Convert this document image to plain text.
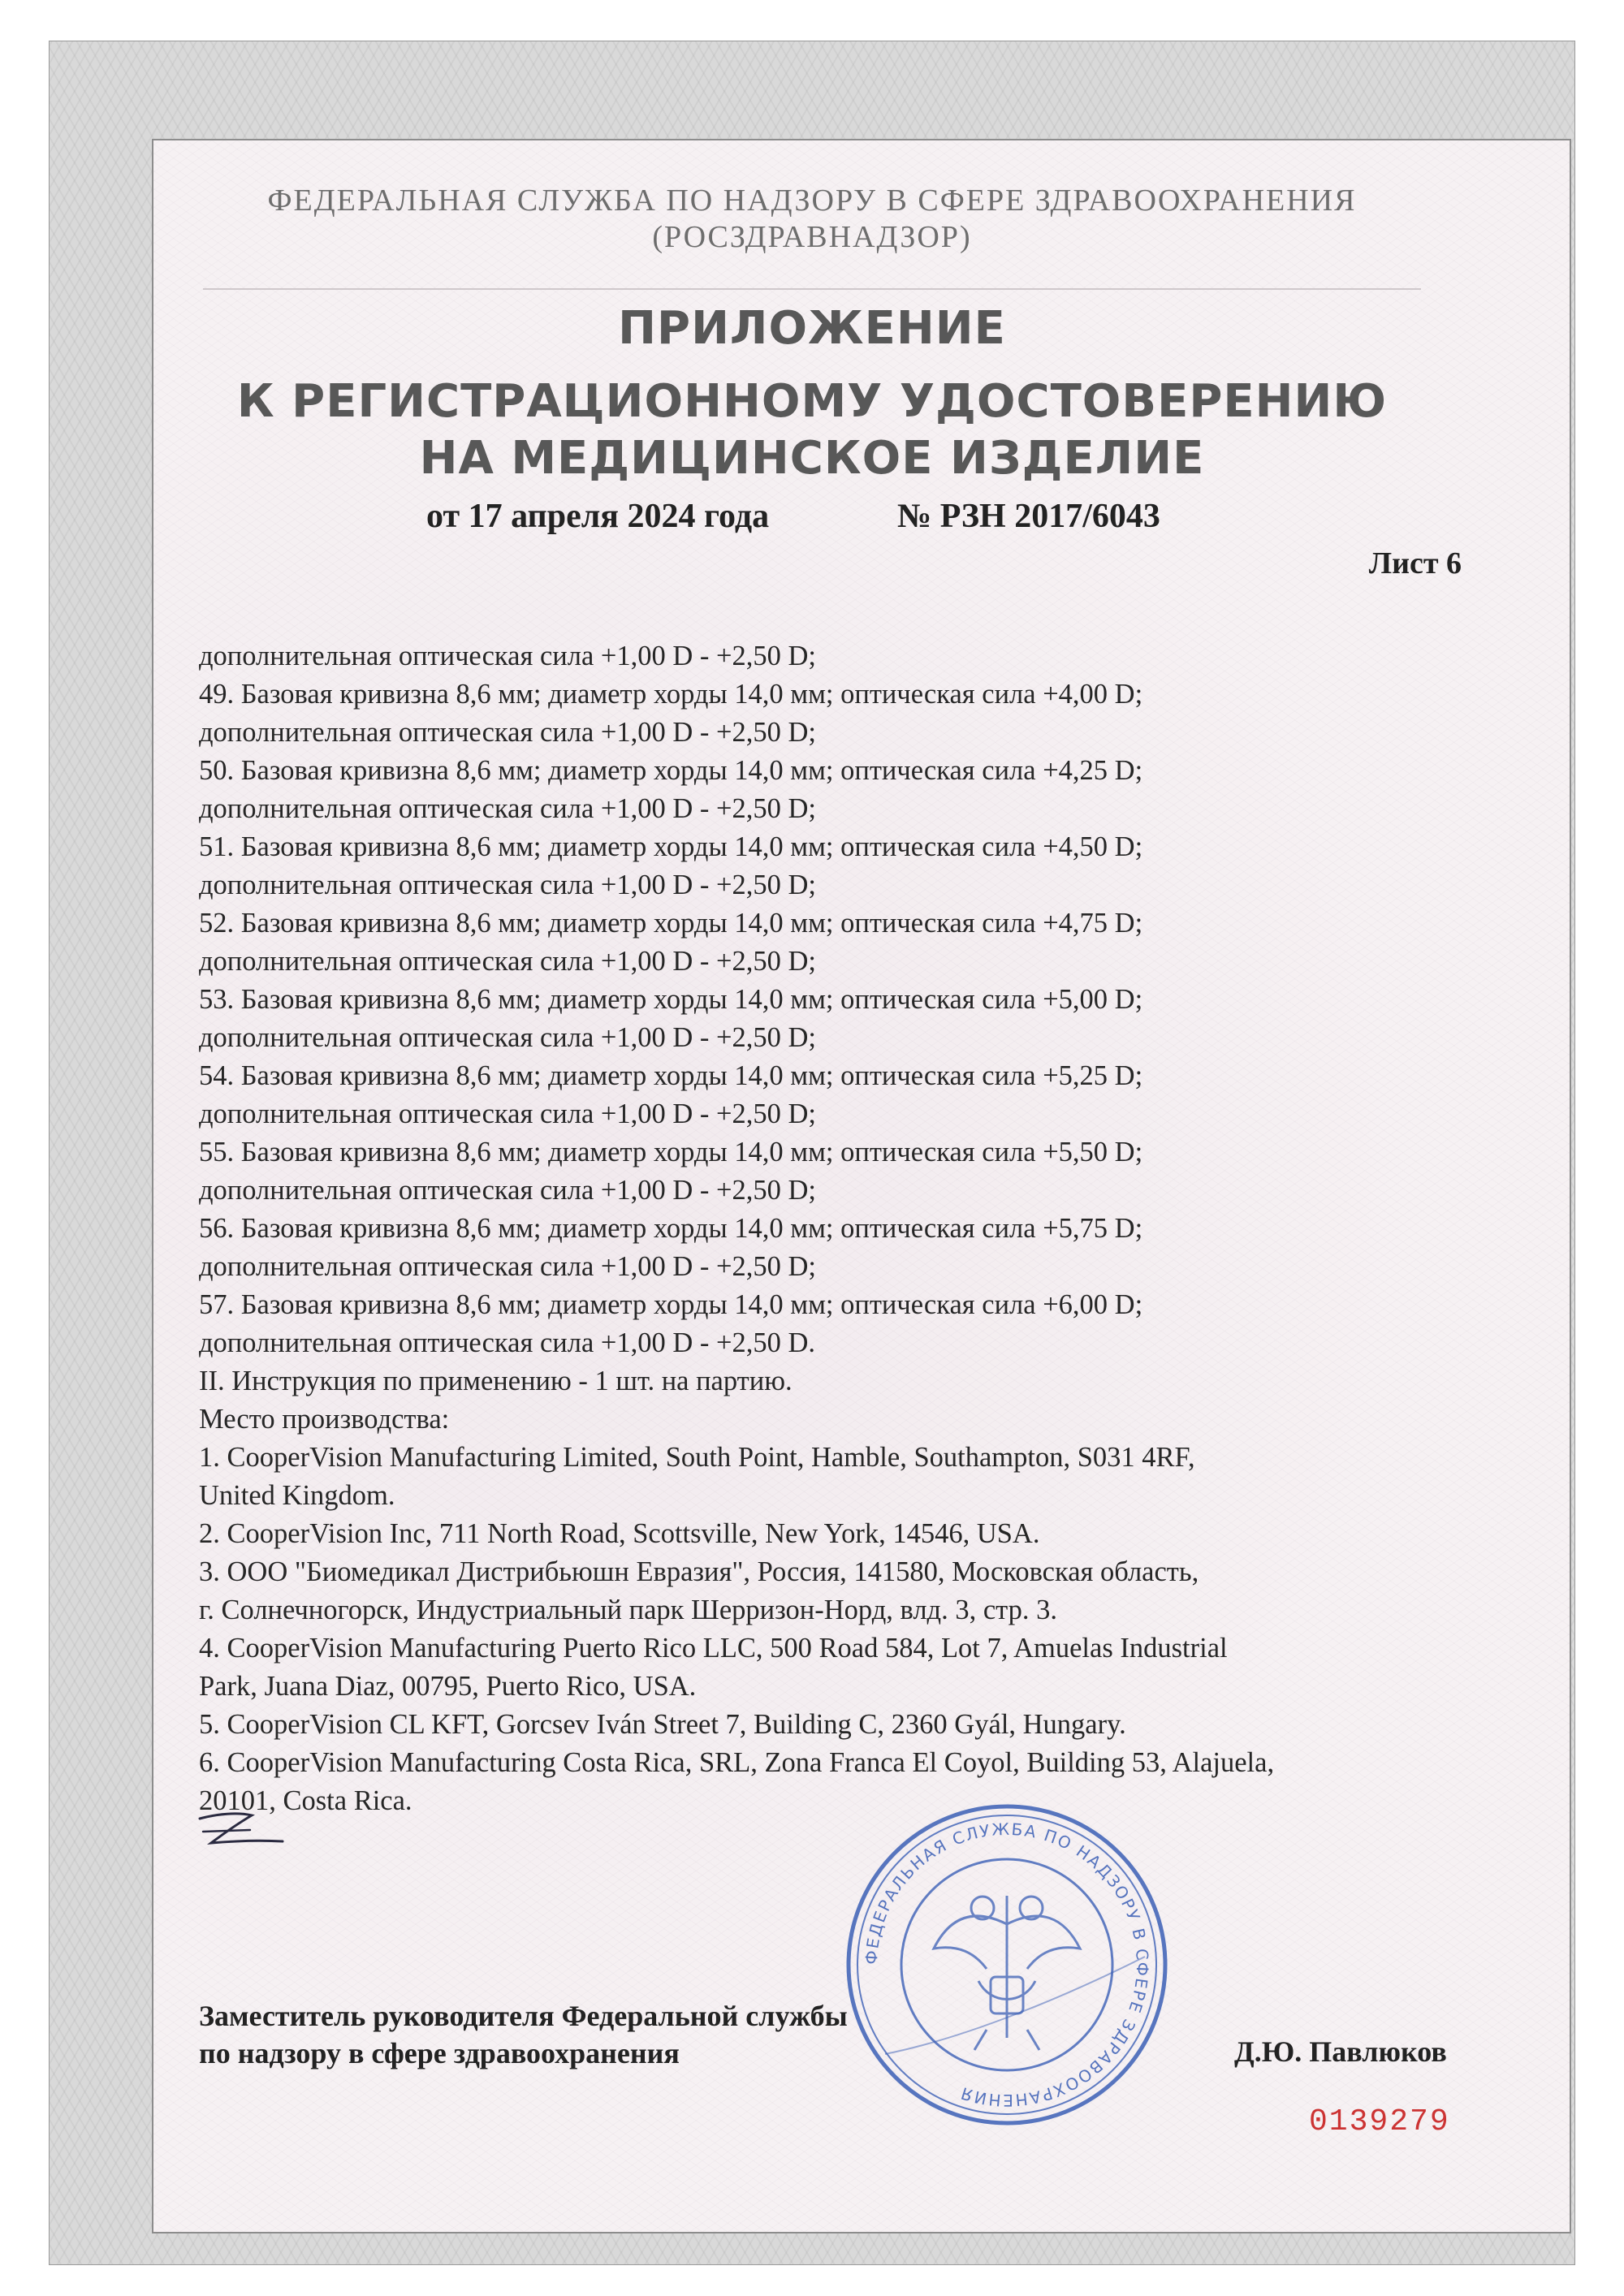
ФЕДЕРАЛЬНАЯ СЛУЖБА ПО НАДЗОРУ В СФЕРЕ ЗДРАВООХРАНЕНИЯ
(РОСЗДРАВНАДЗОР)
ПРИЛОЖЕНИЕ
К РЕГИСТРАЦИОННОМУ УДОСТОВЕРЕНИЮ
НА МЕДИЦИНСКОЕ ИЗДЕЛИЕ
от 17 апреля 2024 года	№ РЗН 2017/6043
Лист 6
дополнительная оптическая сила +1,00 D - +2,50 D;
49. Базовая кривизна 8,6 мм; диаметр хорды 14,0 мм; оптическая сила +4,00 D;
дополнительная оптическая сила +1,00 D - +2,50 D;
50. Базовая кривизна 8,6 мм; диаметр хорды 14,0 мм; оптическая сила +4,25 D;
дополнительная оптическая сила +1,00 D - +2,50 D;
51. Базовая кривизна 8,6 мм; диаметр хорды 14,0 мм; оптическая сила +4,50 D;
дополнительная оптическая сила +1,00 D - +2,50 D;
52. Базовая кривизна 8,6 мм; диаметр хорды 14,0 мм; оптическая сила +4,75 D;
дополнительная оптическая сила +1,00 D - +2,50 D;
53. Базовая кривизна 8,6 мм; диаметр хорды 14,0 мм; оптическая сила +5,00 D;
дополнительная оптическая сила +1,00 D - +2,50 D;
54. Базовая кривизна 8,6 мм; диаметр хорды 14,0 мм; оптическая сила +5,25 D;
дополнительная оптическая сила +1,00 D - +2,50 D;
55. Базовая кривизна 8,6 мм; диаметр хорды 14,0 мм; оптическая сила +5,50 D;
дополнительная оптическая сила +1,00 D - +2,50 D;
56. Базовая кривизна 8,6 мм; диаметр хорды 14,0 мм; оптическая сила +5,75 D;
дополнительная оптическая сила +1,00 D - +2,50 D;
57. Базовая кривизна 8,6 мм; диаметр хорды 14,0 мм; оптическая сила +6,00 D;
дополнительная оптическая сила +1,00 D - +2,50 D.
II. Инструкция по применению - 1 шт. на партию.
Место производства:
1. CooperVision Manufacturing Limited, South Point, Hamble, Southampton, S031 4RF,
United Kingdom.
2. CooperVision Inc, 711 North Road, Scottsville, New York, 14546, USA.
3. ООО "Биомедикал Дистрибьюшн Евразия", Россия, 141580, Московская область,
г. Солнечногорск, Индустриальный парк Шерризон-Норд, влд. 3, стр. 3.
4. CooperVision Manufacturing Puerto Rico LLC, 500 Road 584, Lot 7, Amuelas Industrial
Park, Juana Diaz, 00795, Puerto Rico, USA.
5. CooperVision CL KFT, Gorcsev Iván Street 7, Building C, 2360 Gyál, Hungary.
6. CooperVision Manufacturing Costa Rica, SRL, Zona Franca El Coyol, Building 53, Alajuela,
20101, Costa Rica.
ФЕДЕРАЛЬНАЯ СЛУЖБА ПО НАДЗОРУ В СФЕРЕ ЗДРАВООХРАНЕНИЯ
Заместитель руководителя Федеральной службы
по надзору в сфере здравоохранения	Д.Ю. Павлюков
0139279
